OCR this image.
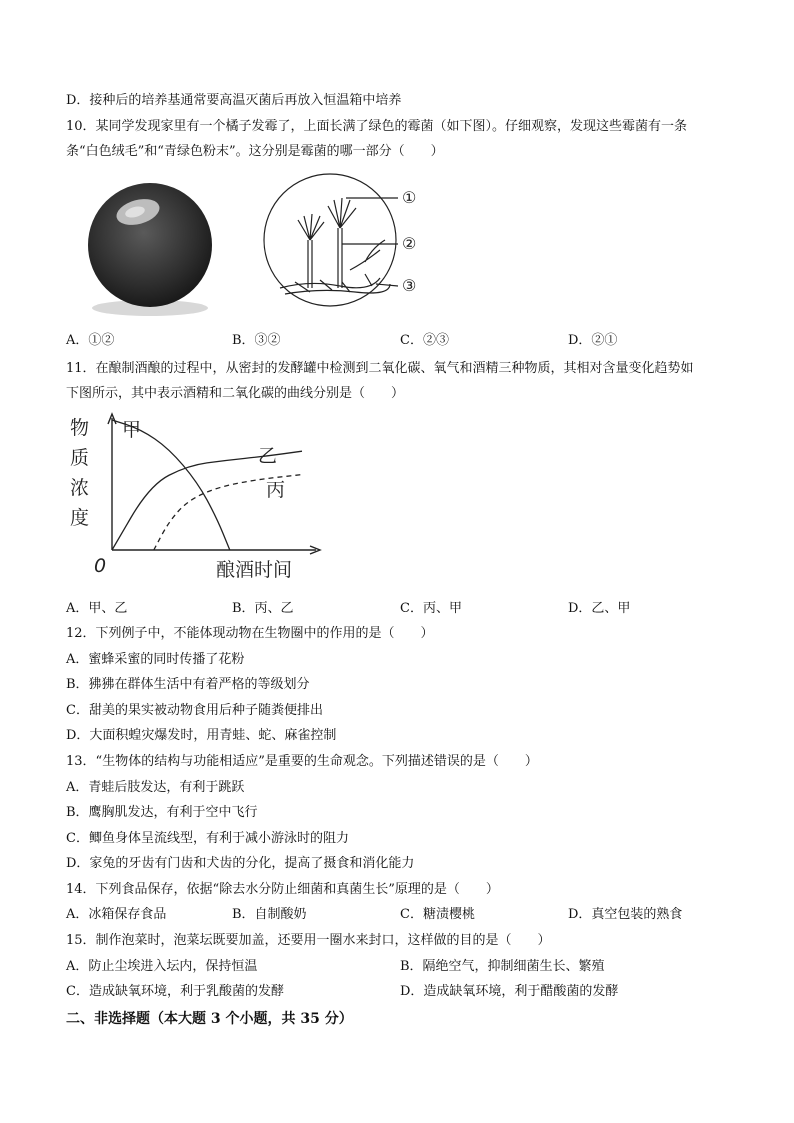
D．接种后的培养基通常要高温灭菌后再放入恒温箱中培养
10．某同学发现家里有一个橘子发霉了，上面长满了绿色的霉菌（如下图）。仔细观察，发现这些霉菌有一条
条“白色绒毛”和“青绿色粉末”。这分别是霉菌的哪一部分（　　）
①
②
③
A．①②	B．③②	C．②③	D．②①
11．在酿制酒酿的过程中，从密封的发酵罐中检测到二氧化碳、氧气和酒精三种物质，其相对含量变化趋势如
下图所示，其中表示酒精和二氧化碳的曲线分别是（　　）
物
质
浓
度
0	酿酒时间
甲
乙
丙
A．甲、乙	B．丙、乙	C．丙、甲	D．乙、甲
12．下列例子中，不能体现动物在生物圈中的作用的是（　　）
A．蜜蜂采蜜的同时传播了花粉
B．狒狒在群体生活中有着严格的等级划分
C．甜美的果实被动物食用后种子随粪便排出
D．大面积蝗灾爆发时，用青蛙、蛇、麻雀控制
13．“生物体的结构与功能相适应”是重要的生命观念。下列描述错误的是（　　）
A．青蛙后肢发达，有利于跳跃
B．鹰胸肌发达，有利于空中飞行
C．鲫鱼身体呈流线型，有利于减小游泳时的阻力
D．家兔的牙齿有门齿和犬齿的分化，提高了摄食和消化能力
14．下列食品保存，依据“除去水分防止细菌和真菌生长”原理的是（　　）
A．冰箱保存食品	B．自制酸奶	C．糖渍樱桃	D．真空包装的熟食
15．制作泡菜时，泡菜坛既要加盖，还要用一圈水来封口，这样做的目的是（　　）
A．防止尘埃进入坛内，保持恒温	B．隔绝空气，抑制细菌生长、繁殖
C．造成缺氧环境，利于乳酸菌的发酵	D．造成缺氧环境，利于醋酸菌的发酵
二、非选择题（本大题 3 个小题，共 35 分）
